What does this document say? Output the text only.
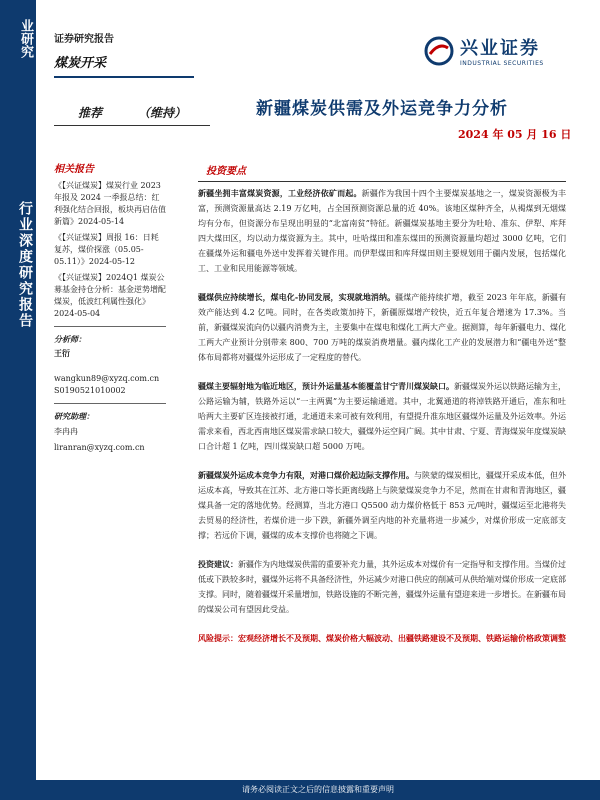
业研究
行业深度研究报告
证券研究报告
煤炭开采
兴业证券
INDUSTRIAL SECURITIES
推荐	（维持）	新疆煤炭供需及外运竞争力分析
2024 年 05 月 16 日
相关报告
《【兴证煤炭】煤炭行业 2023 年报及 2024 一季报总结：红利强化结合回报，板块再启估值新篇》2024-05-14
《【兴证煤炭】周报 16：日耗复苏，煤价探涨（05.05-05.11）》2024-05-12
《【兴证煤炭】2024Q1 煤炭公募基金持仓分析：基金逆势增配煤炭，低波红利属性强化》2024-05-04
分析师：
王衍
wangkun89@xyzq.com.cn
S0190521010002
研究助理：
李冉冉
liranran@xyzq.com.cn
投资要点
新疆坐拥丰富煤炭资源，工业经济依矿而起。新疆作为我国十四个主要煤炭基地之一，煤炭资源极为丰富，预测资源量高达 2.19 万亿吨，占全国预测资源总量的近 40%。该地区煤种齐全，从褐煤到无烟煤均有分布，但资源分布呈现出明显的“北富南贫”特征。新疆煤炭基地主要分为吐哈、准东、伊犁、库拜四大煤田区，均以动力煤资源为主。其中，吐哈煤田和准东煤田的预测资源量均超过 3000 亿吨，它们在疆煤外运和疆电外送中发挥着关键作用。而伊犁煤田和库拜煤田则主要规划用于疆内发展，包括煤化工、工业和民用能源等领域。
疆煤供应持续增长，煤电化-协同发展，实现就地消纳。疆煤产能持续扩增，截至 2023 年年底，新疆有效产能达到 4.2 亿吨。同时，在各类政策加持下，新疆原煤增产较快，近五年复合增速为 17.3%。当前，新疆煤炭流向仍以疆内消费为主，主要集中在煤电和煤化工两大产业。据测算，每年新疆电力、煤化工两大产业预计分别带来 800、700 万吨的煤炭消费增量。疆内煤化工产业的发展潜力和“疆电外送”整体布局都将对疆煤外运形成了一定程度的替代。
疆煤主要辐射地为临近地区，预计外运量基本能覆盖甘宁青川煤炭缺口。新疆煤炭外运以铁路运输为主，公路运输为辅，铁路外运以“一主两翼”为主要运输通道。其中，北翼通道的将淖铁路开通后，准东和吐哈两大主要矿区连接被打通，北通道未来可被有效利用，有望提升准东地区疆煤外运量及外运效率。外运需求来看，西北西南地区煤炭需求缺口较大，疆煤外运空间广阔。其中甘肃、宁夏、青海煤炭年度煤炭缺口合计超 1 亿吨，四川煤炭缺口超 5000 万吨。
新疆煤炭外运成本竞争力有限，对港口煤价起边际支撑作用。与陕蒙的煤炭相比，疆煤开采成本低，但外运成本高，导致其在江苏、北方港口等长距离线路上与陕蒙煤炭竞争力不足，然而在甘肃和青海地区，疆煤具备一定的落地优势。经测算，当北方港口 Q5500 动力煤价格低于 853 元/吨时，疆煤运至北港将失去贸易的经济性，若煤价进一步下跌，新疆外调至内地的补充量将进一步减少，对煤价形成一定底部支撑；若远价下调，疆煤的成本支撑价也将随之下调。
投资建议：新疆作为内地煤炭供需的重要补充力量，其外运成本对煤价有一定指导和支撑作用。当煤价过低或下跌较多时，疆煤外运将不具备经济性，外运减少对港口供应的削减可从供给端对煤价形成一定底部支撑。同时，随着疆煤开采量增加，铁路设施的不断完善，疆煤外运量有望迎来进一步增长。在新疆布局的煤炭公司有望因此受益。
风险提示：宏观经济增长不及预期、煤炭价格大幅波动、出疆铁路建设不及预期、铁路运输价格政策调整
请务必阅读正文之后的信息披露和重要声明
